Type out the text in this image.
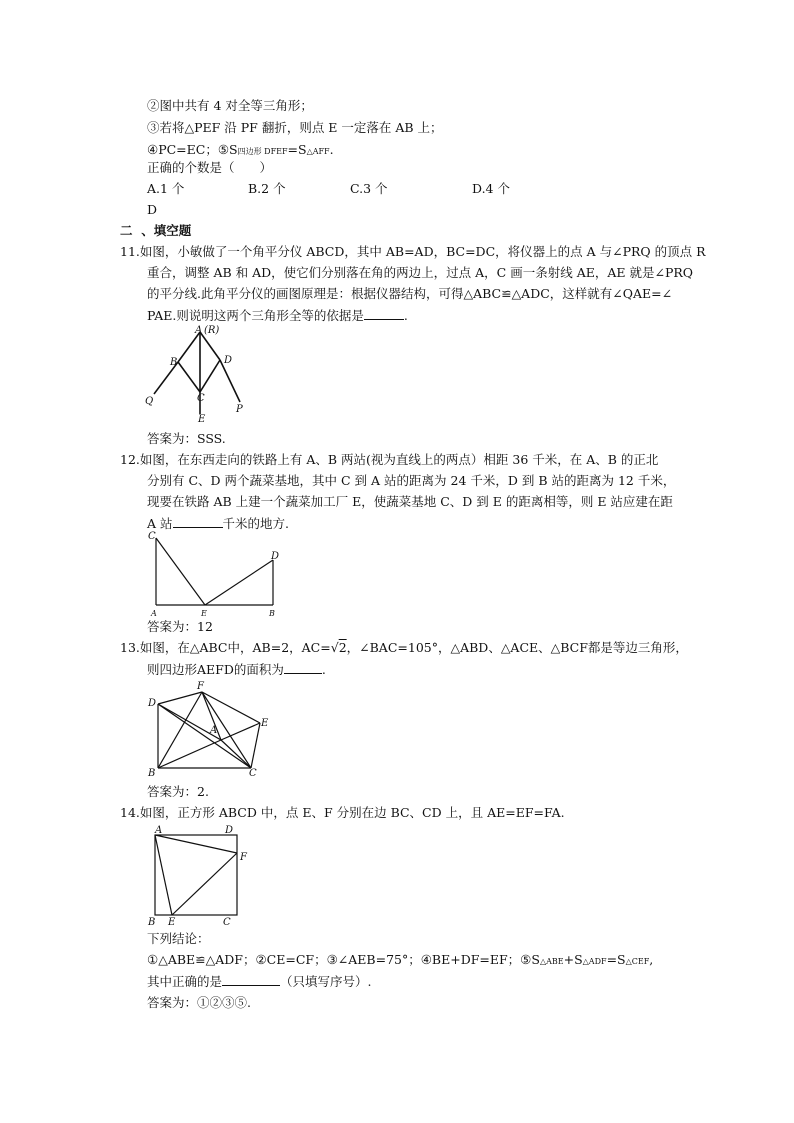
②图中共有 4 对全等三角形；
③若将△PEF 沿 PF 翻折，则点 E 一定落在 AB 上；
④PC=EC；⑤S四边形 DFEF=S△AFF.
正确的个数是（　　）
A.1 个	B.2 个	C.3 个	D.4 个
D
二 、填空题
11.如图，小敏做了一个角平分仪 ABCD，其中 AB=AD，BC=DC，将仪器上的点 A 与∠PRQ 的顶点 R
重合，调整 AB 和 AD，使它们分别落在角的两边上，过点 A，C 画一条射线 AE，AE 就是∠PRQ
的平分线.此角平分仪的画图原理是：根据仪器结构，可得△ABC≌△ADC，这样就有∠QAE=∠
PAE.则说明这两个三角形全等的依据是	.
A (R)
B	D
C
Q
E
P
答案为：SSS.
12.如图，在东西走向的铁路上有 A、B 两站(视为直线上的两点）相距 36 千米，在 A、B 的正北
分别有 C、D 两个蔬菜基地，其中 C 到 A 站的距离为 24 千米，D 到 B 站的距离为 12 千米，
现要在铁路 AB 上建一个蔬菜加工厂 E，使蔬菜基地 C、D 到 E 的距离相等，则 E 站应建在距
A 站	千米的地方.
C
D
A	E	B
答案为：12
13.如图，在△ABC中，AB=2，AC=√2，∠BAC=105°，△ABD、△ACE、△BCF都是等边三角形，
则四边形AEFD的面积为	.
F
D
E
A
B	C
答案为：2.
14.如图，正方形 ABCD 中，点 E、F 分别在边 BC、CD 上，且 AE=EF=FA.
A	D
F
B E	C
下列结论：
①△ABE≌△ADF；②CE=CF；③∠AEB=75°；④BE+DF=EF；⑤S△ABE+S△ADF=S△CEF,
其中正确的是	（只填写序号）.
答案为：①②③⑤.
